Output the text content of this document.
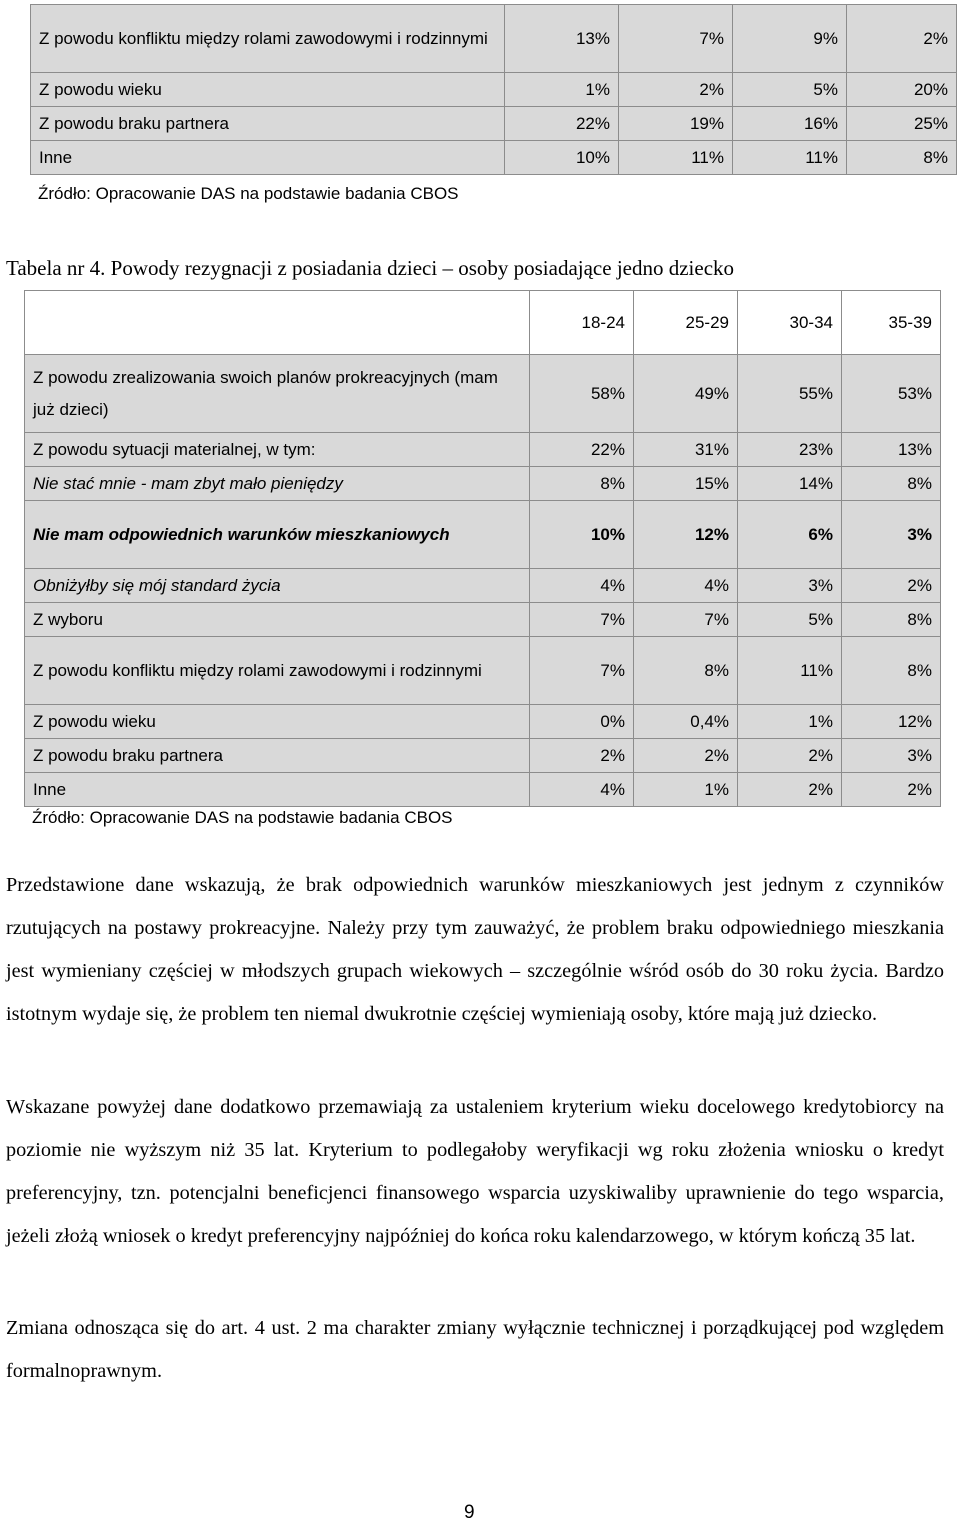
Z powodu konfliktu między rolami zawodowymi i rodzinnymi	13%	7%	9%	2%
Z powodu wieku	1%	2%	5%	20%
Z powodu braku partnera	22%	19%	16%	25%
Inne	10%	11%	11%	8%
Źródło: Opracowanie DAS na podstawie badania CBOS
Tabela nr 4. Powody rezygnacji z posiadania dzieci – osoby posiadające jedno dziecko
	18-24	25-29	30-34	35-39
Z powodu zrealizowania swoich planów prokreacyjnych (mam już dzieci)	58%	49%	55%	53%
Z powodu sytuacji materialnej, w tym:	22%	31%	23%	13%
Nie stać mnie - mam zbyt mało pieniędzy	8%	15%	14%	8%
Nie mam odpowiednich warunków mieszkaniowych	10%	12%	6%	3%
Obniżyłby się mój standard życia	4%	4%	3%	2%
Z wyboru	7%	7%	5%	8%
Z powodu konfliktu między rolami zawodowymi i rodzinnymi	7%	8%	11%	8%
Z powodu wieku	0%	0,4%	1%	12%
Z powodu braku partnera	2%	2%	2%	3%
Inne	4%	1%	2%	2%
Źródło: Opracowanie DAS na podstawie badania CBOS

Przedstawione dane wskazują, że brak odpowiednich warunków mieszkaniowych jest jednym z czynników rzutujących na postawy prokreacyjne. Należy przy tym zauważyć, że problem braku odpowiedniego mieszkania jest wymieniany częściej w młodszych grupach wiekowych – szczególnie wśród osób do 30 roku życia. Bardzo istotnym wydaje się, że problem ten niemal dwukrotnie częściej wymieniają osoby, które mają już dziecko.

Wskazane powyżej dane dodatkowo przemawiają za ustaleniem kryterium wieku docelowego kredytobiorcy na poziomie nie wyższym niż 35 lat. Kryterium to podlegałoby weryfikacji wg roku złożenia wniosku o kredyt preferencyjny, tzn. potencjalni beneficjenci finansowego wsparcia uzyskiwaliby uprawnienie do tego wsparcia, jeżeli złożą wniosek o kredyt preferencyjny najpóźniej do końca roku kalendarzowego, w którym kończą 35 lat.

Zmiana odnosząca się do art. 4 ust. 2 ma charakter zmiany wyłącznie technicznej i porządkującej pod względem formalnoprawnym.

9
